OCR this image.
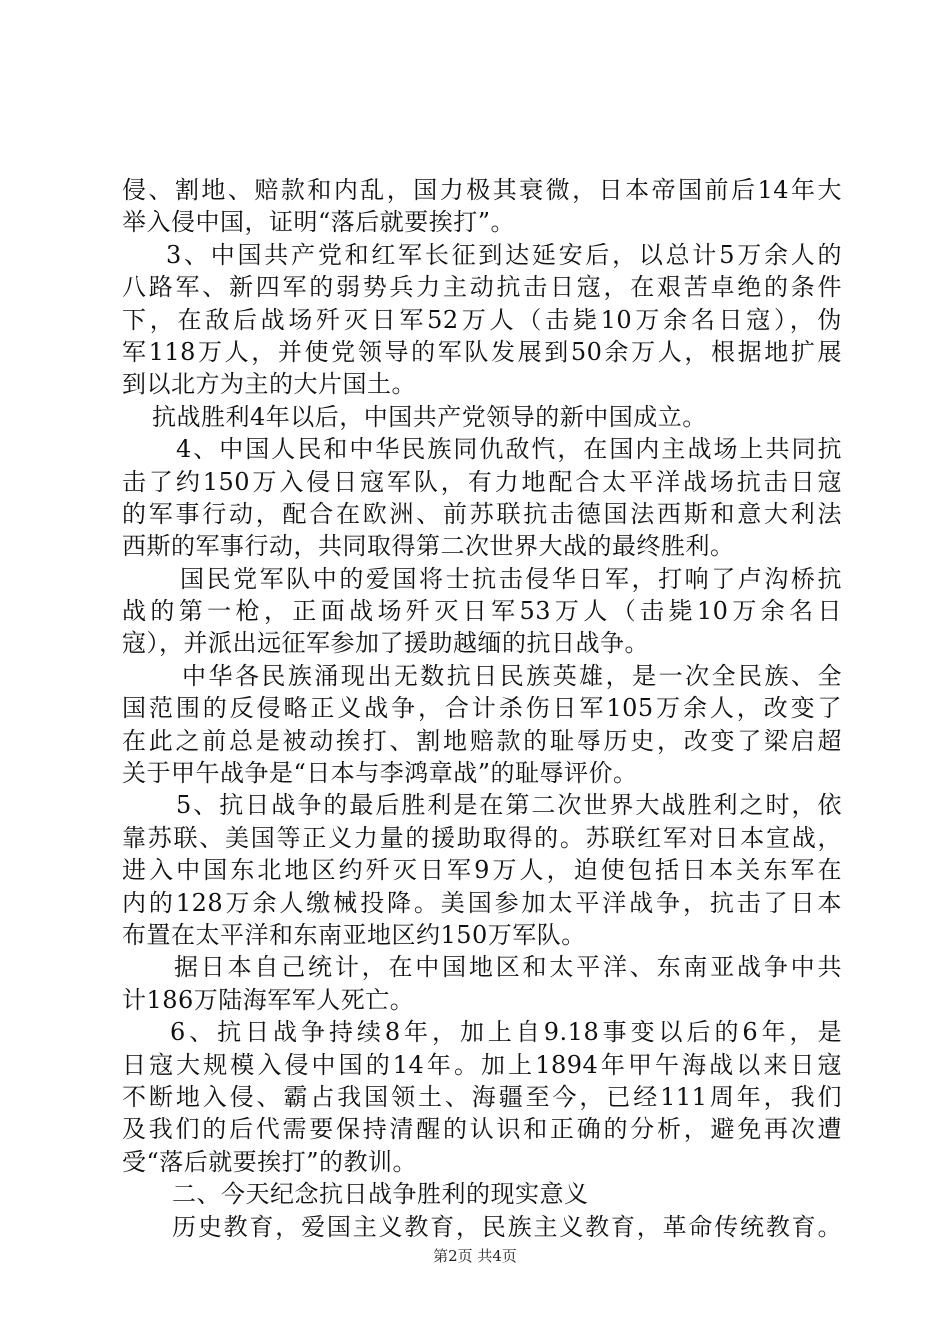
侵、割地、赔款和内乱，国力极其衰微，日本帝国前后14年大
举入侵中国，证明“落后就要挨打”。
3、中国共产党和红军长征到达延安后，以总计5万余人的
八路军、新四军的弱势兵力主动抗击日寇，在艰苦卓绝的条件
下，在敌后战场歼灭日军52万人（击毙10万余名日寇），伪
军118万人，并使党领导的军队发展到50余万人，根据地扩展
到以北方为主的大片国土。
抗战胜利4年以后，中国共产党领导的新中国成立。
4、中国人民和中华民族同仇敌忾，在国内主战场上共同抗
击了约150万入侵日寇军队，有力地配合太平洋战场抗击日寇
的军事行动，配合在欧洲、前苏联抗击德国法西斯和意大利法
西斯的军事行动，共同取得第二次世界大战的最终胜利。
国民党军队中的爱国将士抗击侵华日军，打响了卢沟桥抗
战的第一枪，正面战场歼灭日军53万人（击毙10万余名日
寇），并派出远征军参加了援助越缅的抗日战争。
中华各民族涌现出无数抗日民族英雄，是一次全民族、全
国范围的反侵略正义战争，合计杀伤日军105万余人，改变了
在此之前总是被动挨打、割地赔款的耻辱历史，改变了梁启超
关于甲午战争是“日本与李鸿章战”的耻辱评价。
5、抗日战争的最后胜利是在第二次世界大战胜利之时，依
靠苏联、美国等正义力量的援助取得的。苏联红军对日本宣战，
进入中国东北地区约歼灭日军9万人，迫使包括日本关东军在
内的128万余人缴械投降。美国参加太平洋战争，抗击了日本
布置在太平洋和东南亚地区约150万军队。
据日本自己统计，在中国地区和太平洋、东南亚战争中共
计186万陆海军军人死亡。
6、抗日战争持续8年，加上自9.18事变以后的6年，是
日寇大规模入侵中国的14年。加上1894年甲午海战以来日寇
不断地入侵、霸占我国领土、海疆至今，已经111周年，我们
及我们的后代需要保持清醒的认识和正确的分析，避免再次遭
受“落后就要挨打”的教训。
二、今天纪念抗日战争胜利的现实意义
历史教育，爱国主义教育，民族主义教育，革命传统教育。
第2页 共4页
